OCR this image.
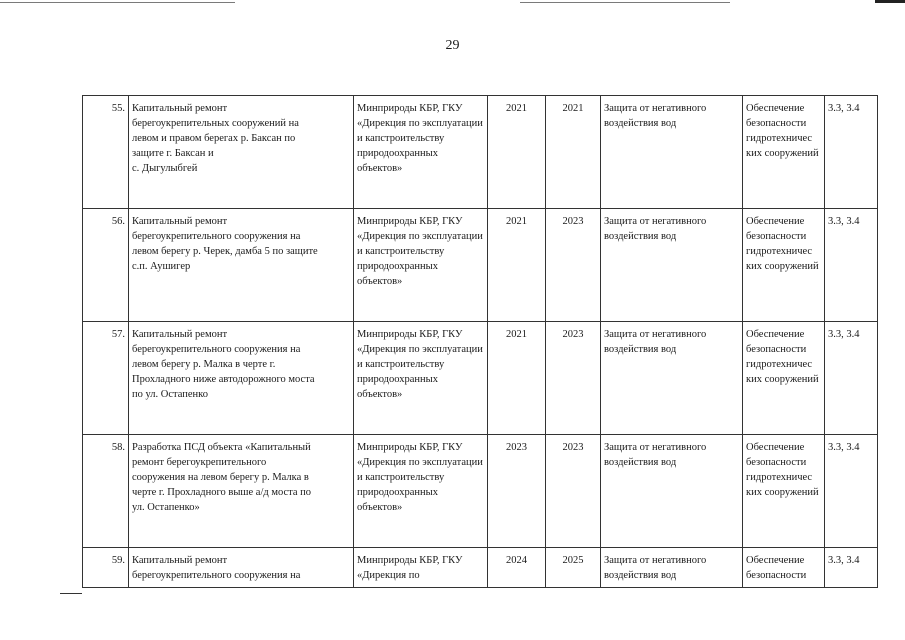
29
55.	Капитальный ремонт
берегоукрепительных сооружений на
левом и правом берегах р. Баксан по
защите г. Баксан и
с. Дыгулыбгей	Минприроды КБР, ГКУ «Дирекция по эксплуатации и капстроительству природоохранных объектов»	2021	2021	Защита от негативного воздействия вод	Обеспечение безопасности гидротехничес ких сооружений	3.3, 3.4
56.	Капитальный ремонт
берегоукрепительного сооружения на
левом берегу р. Черек, дамба 5 по защите
с.п. Аушигер	Минприроды КБР, ГКУ «Дирекция по эксплуатации и капстроительству природоохранных объектов»	2021	2023	Защита от негативного воздействия вод	Обеспечение безопасности гидротехничес ких сооружений	3.3, 3.4
57.	Капитальный ремонт
берегоукрепительного сооружения на
левом берегу р. Малка в черте г.
Прохладного ниже автодорожного моста
по ул. Остапенко	Минприроды КБР, ГКУ «Дирекция по эксплуатации и капстроительству природоохранных объектов»	2021	2023	Защита от негативного воздействия вод	Обеспечение безопасности гидротехничес ких сооружений	3.3, 3.4
58.	Разработка ПСД объекта «Капитальный
ремонт берегоукрепительного
сооружения на левом берегу р. Малка в
черте г. Прохладного выше а/д моста по
ул. Остапенко»	Минприроды КБР, ГКУ «Дирекция по эксплуатации и капстроительству природоохранных объектов»	2023	2023	Защита от негативного воздействия вод	Обеспечение безопасности гидротехничес ких сооружений	3.3, 3.4
59.	Капитальный ремонт
берегоукрепительного сооружения на	Минприроды КБР, ГКУ «Дирекция по	2024	2025	Защита от негативного воздействия вод	Обеспечение безопасности	3.3, 3.4
